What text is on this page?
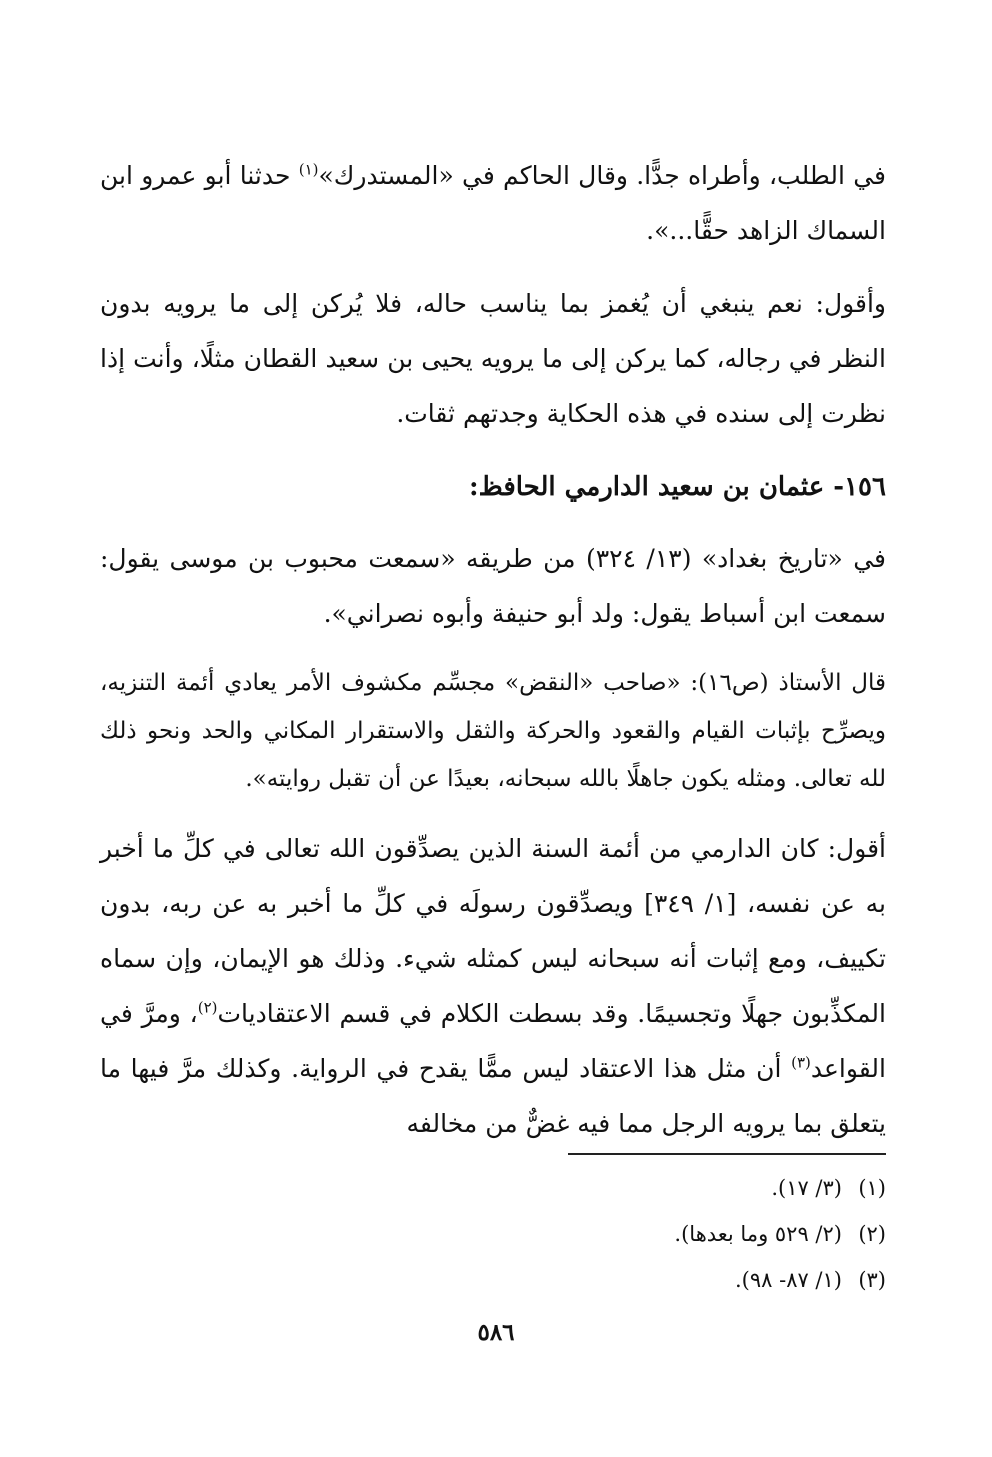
في الطلب، وأطراه جدًّا. وقال الحاكم في «المستدرك»$^{(١)}$ حدثنا أبو عمرو ابن السماك الزاهد حقًّا...».

وأقول: نعم ينبغي أن يُغمز بما يناسب حاله، فلا يُركن إلى ما يرويه بدون النظر في رجاله، كما يركن إلى ما يرويه يحيى بن سعيد القطان مثلًا، وأنت إذا نظرت إلى سنده في هذه الحكاية وجدتهم ثقات.

١٥٦- عثمان بن سعيد الدارمي الحافظ:

في «تاريخ بغداد» (١٣/ ٣٢٤) من طريقه «سمعت محبوب بن موسى يقول: سمعت ابن أسباط يقول: ولد أبو حنيفة وأبوه نصراني».

قال الأستاذ (ص١٦): «صاحب «النقض» مجسِّم مكشوف الأمر يعادي أئمة التنزيه، ويصرِّح بإثبات القيام والقعود والحركة والثقل والاستقرار المكاني والحد ونحو ذلك لله تعالى. ومثله يكون جاهلًا بالله سبحانه، بعيدًا عن أن تقبل روايته».

أقول: كان الدارمي من أئمة السنة الذين يصدِّقون الله تعالى في كلِّ ما أخبر به عن نفسه، [١/ ٣٤٩] ويصدِّقون رسولَه في كلِّ ما أخبر به عن ربه، بدون تكييف، ومع إثبات أنه سبحانه ليس كمثله شيء. وذلك هو الإيمان، وإن سماه المكذِّبون جهلًا وتجسيمًا. وقد بسطت الكلام في قسم الاعتقاديات$^{(٢)}$، ومرَّ في القواعد$^{(٣)}$ أن مثل هذا الاعتقاد ليس ممًّا يقدح في الرواية. وكذلك مرَّ فيها ما يتعلق بما يرويه الرجل مما فيه غضٌّ من مخالفه

(١)(٣/ ١٧).

(٢)(٢/ ٥٢٩ وما بعدها).

(٣)(١/ ٨٧- ٩٨).

٥٨٦
